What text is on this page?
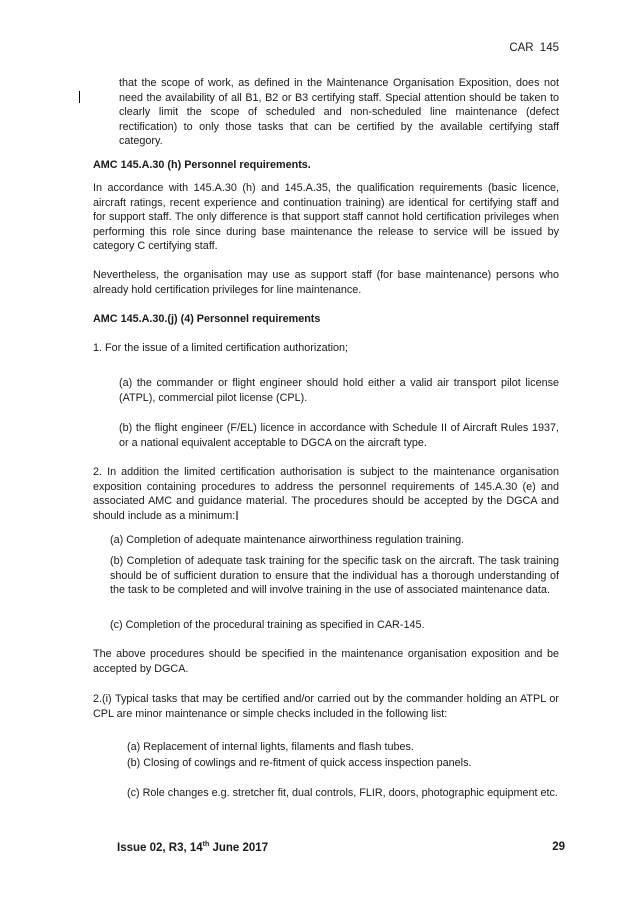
CAR 145

that the scope of work, as defined in the Maintenance Organisation Exposition, does not need the availability of all B1, B2 or B3 certifying staff. Special attention should be taken to clearly limit the scope of scheduled and non-scheduled line maintenance (defect rectification) to only those tasks that can be certified by the available certifying staff category.

AMC 145.A.30 (h) Personnel requirements.

In accordance with 145.A.30 (h) and 145.A.35, the qualification requirements (basic licence, aircraft ratings, recent experience and continuation training) are identical for certifying staff and for support staff. The only difference is that support staff cannot hold certification privileges when performing this role since during base maintenance the release to service will be issued by category C certifying staff.

Nevertheless, the organisation may use as support staff (for base maintenance) persons who already hold certification privileges for line maintenance.

AMC 145.A.30.(j) (4) Personnel requirements

1. For the issue of a limited certification authorization;

(a) the commander or flight engineer should hold either a valid air transport pilot license (ATPL), commercial pilot license (CPL).

(b) the flight engineer (F/EL) licence in accordance with Schedule II of Aircraft Rules 1937, or a national equivalent acceptable to DGCA on the aircraft type.

2. In addition the limited certification authorisation is subject to the maintenance organisation exposition containing procedures to address the personnel requirements of 145.A.30 (e) and associated AMC and guidance material. The procedures should be accepted by the DGCA and should include as a minimum:

(a) Completion of adequate maintenance airworthiness regulation training.

(b) Completion of adequate task training for the specific task on the aircraft. The task training should be of sufficient duration to ensure that the individual has a thorough understanding of the task to be completed and will involve training in the use of associated maintenance data.

(c) Completion of the procedural training as specified in CAR-145.

The above procedures should be specified in the maintenance organisation exposition and be accepted by DGCA.

2.(i) Typical tasks that may be certified and/or carried out by the commander holding an ATPL or CPL are minor maintenance or simple checks included in the following list:

(a) Replacement of internal lights, filaments and flash tubes.

(b) Closing of cowlings and re-fitment of quick access inspection panels.

(c) Role changes e.g. stretcher fit, dual controls, FLIR, doors, photographic equipment etc.

Issue 02, R3, 14th June 2017	29
